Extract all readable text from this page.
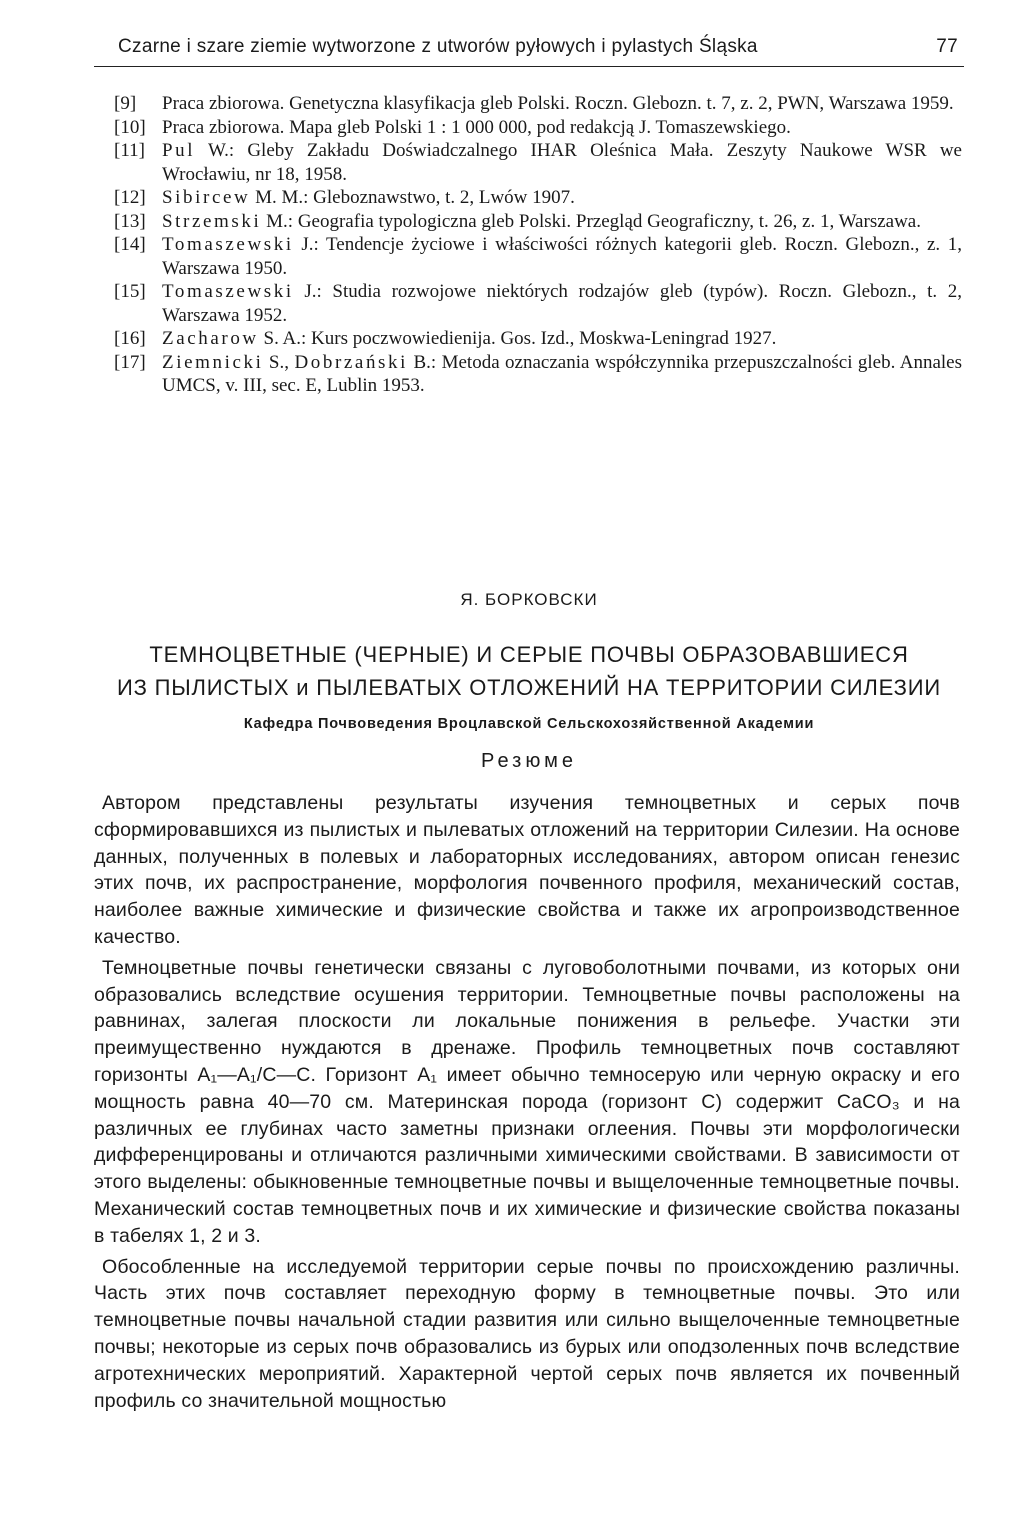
Czarne i szare ziemie wytworzone z utworów pyłowych i pylastych Śląska	77

[9] Praca zbiorowa. Genetyczna klasyfikacja gleb Polski. Roczn. Glebozn. t. 7, z. 2, PWN, Warszawa 1959.

[10] Praca zbiorowa. Mapa gleb Polski 1 : 1 000 000, pod redakcją J. Tomaszewskiego.

[11] Pul W.: Gleby Zakładu Doświadczalnego IHAR Oleśnica Mała. Zeszyty Naukowe WSR we Wrocławiu, nr 18, 1958.

[12] Sibircew M. M.: Gleboznawstwo, t. 2, Lwów 1907.

[13] Strzemski M.: Geografia typologiczna gleb Polski. Przegląd Geograficzny, t. 26, z. 1, Warszawa.

[14] Tomaszewski J.: Tendencje życiowe i właściwości różnych kategorii gleb. Roczn. Glebozn., z. 1, Warszawa 1950.

[15] Tomaszewski J.: Studia rozwojowe niektórych rodzajów gleb (typów). Roczn. Glebozn., t. 2, Warszawa 1952.

[16] Zacharow S. A.: Kurs poczwowiedienija. Gos. Izd., Moskwa-Leningrad 1927.

[17] Ziemnicki S., Dobrzański B.: Metoda oznaczania współczynnika przepuszczalności gleb. Annales UMCS, v. III, sec. E, Lublin 1953.

Я. БОРКОВСКИ
ТЕМНОЦВЕТНЫЕ (ЧЕРНЫЕ) И СЕРЫЕ ПОЧВЫ ОБРАЗОВАВШИЕСЯ
ИЗ ПЫЛИСТЫХ и ПЫЛЕВАТЫХ ОТЛОЖЕНИЙ НА ТЕРРИТОРИИ СИЛЕЗИИ
Кафедра Почвоведения Вроцлавской Сельскохозяйственной Академии
Резюме

Автором представлены результаты изучения темноцветных и серых почв сформировавшихся из пылистых и пылеватых отложений на территории Силезии. На основе данных, полученных в полевых и лабораторных исследованиях, автором описан генезис этих почв, их распространение, морфология почвенного профиля, механический состав, наиболее важные химические и физические свойства и также их агропроизводственное качество.

Темноцветные почвы генетически связаны с луговоболотными почвами, из которых они образовались вследствие осушения территории. Темноцветные почвы расположены на равнинах, залегая плоскости ли локальные понижения в рельефе. Участки эти преимущественно нуждаются в дренаже. Профиль темноцветных почв составляют горизонты A₁—A₁/C—C. Горизонт A₁ имеет обычно темносерую или черную окраску и его мощность равна 40—70 см. Материнская порода (горизонт С) содержит CaCO₃ и на различных ее глубинах часто заметны признаки оглеения. Почвы эти морфологически дифференцированы и отличаются различными химическими свойствами. В зависимости от этого выделены: обыкновенные темноцветные почвы и выщелоченные темноцветные почвы. Механический состав темноцветных почв и их химические и физические свойства показаны в табелях 1, 2 и 3.

Обособленные на исследуемой территории серые почвы по происхождению различны. Часть этих почв составляет переходную форму в темноцветные почвы. Это или темноцветные почвы начальной стадии развития или сильно выщелоченные темноцветные почвы; некоторые из серых почв образовались из бурых или оподзоленных почв вследствие агротехнических мероприятий. Характерной чертой серых почв является их почвенный профиль со значительной мощностью
